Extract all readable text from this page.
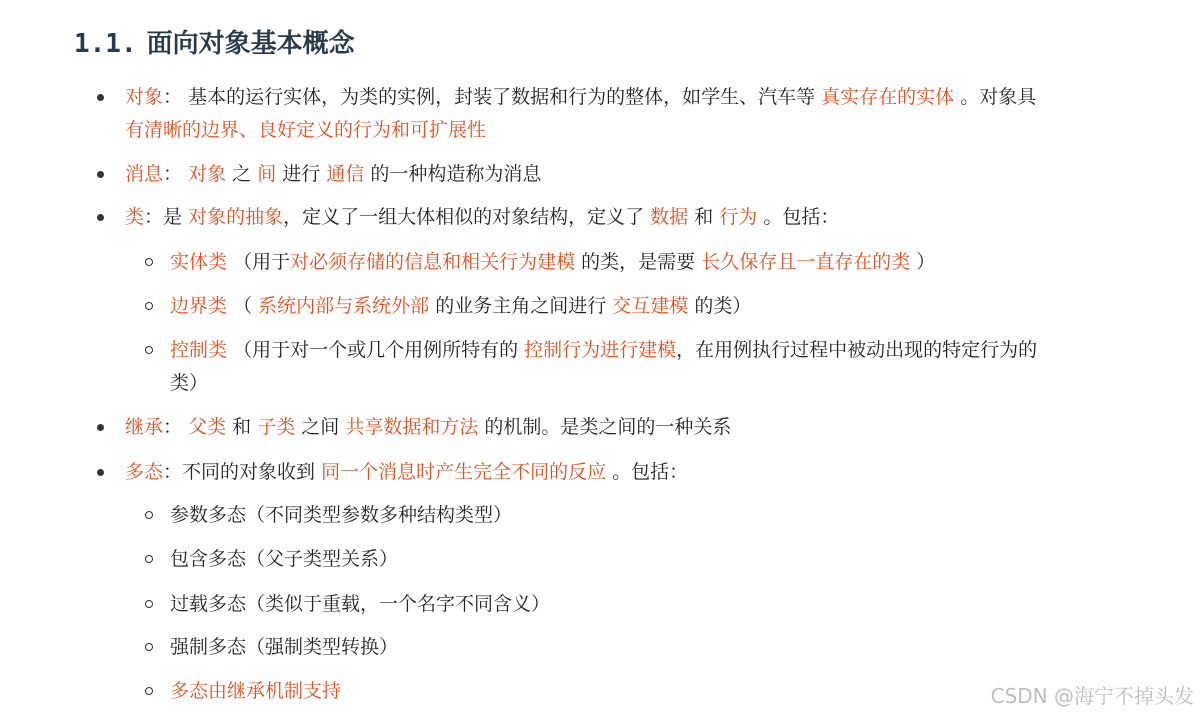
1.1. 面向对象基本概念
对象： 基本的运行实体，为类的实例，封装了数据和行为的整体，如学生、汽车等 真实存在的实体 。对象具
有清晰的边界、良好定义的行为和可扩展性
消息： 对象 之 间 进行 通信 的一种构造称为消息
类：是 对象的抽象，定义了一组大体相似的对象结构，定义了 数据 和 行为 。包括：
实体类 （用于对必须存储的信息和相关行为建模 的类，是需要 长久保存且一直存在的类 ）
边界类 （ 系统内部与系统外部 的业务主角之间进行 交互建模 的类）
控制类 （用于对一个或几个用例所特有的 控制行为进行建模，在用例执行过程中被动出现的特定行为的
类）
继承： 父类 和 子类 之间 共享数据和方法 的机制。是类之间的一种关系
多态：不同的对象收到 同一个消息时产生完全不同的反应 。包括：
参数多态（不同类型参数多种结构类型）
包含多态（父子类型关系）
过载多态（类似于重载，一个名字不同含义）
强制多态（强制类型转换）
多态由继承机制支持	CSDN @海宁不掉头发
